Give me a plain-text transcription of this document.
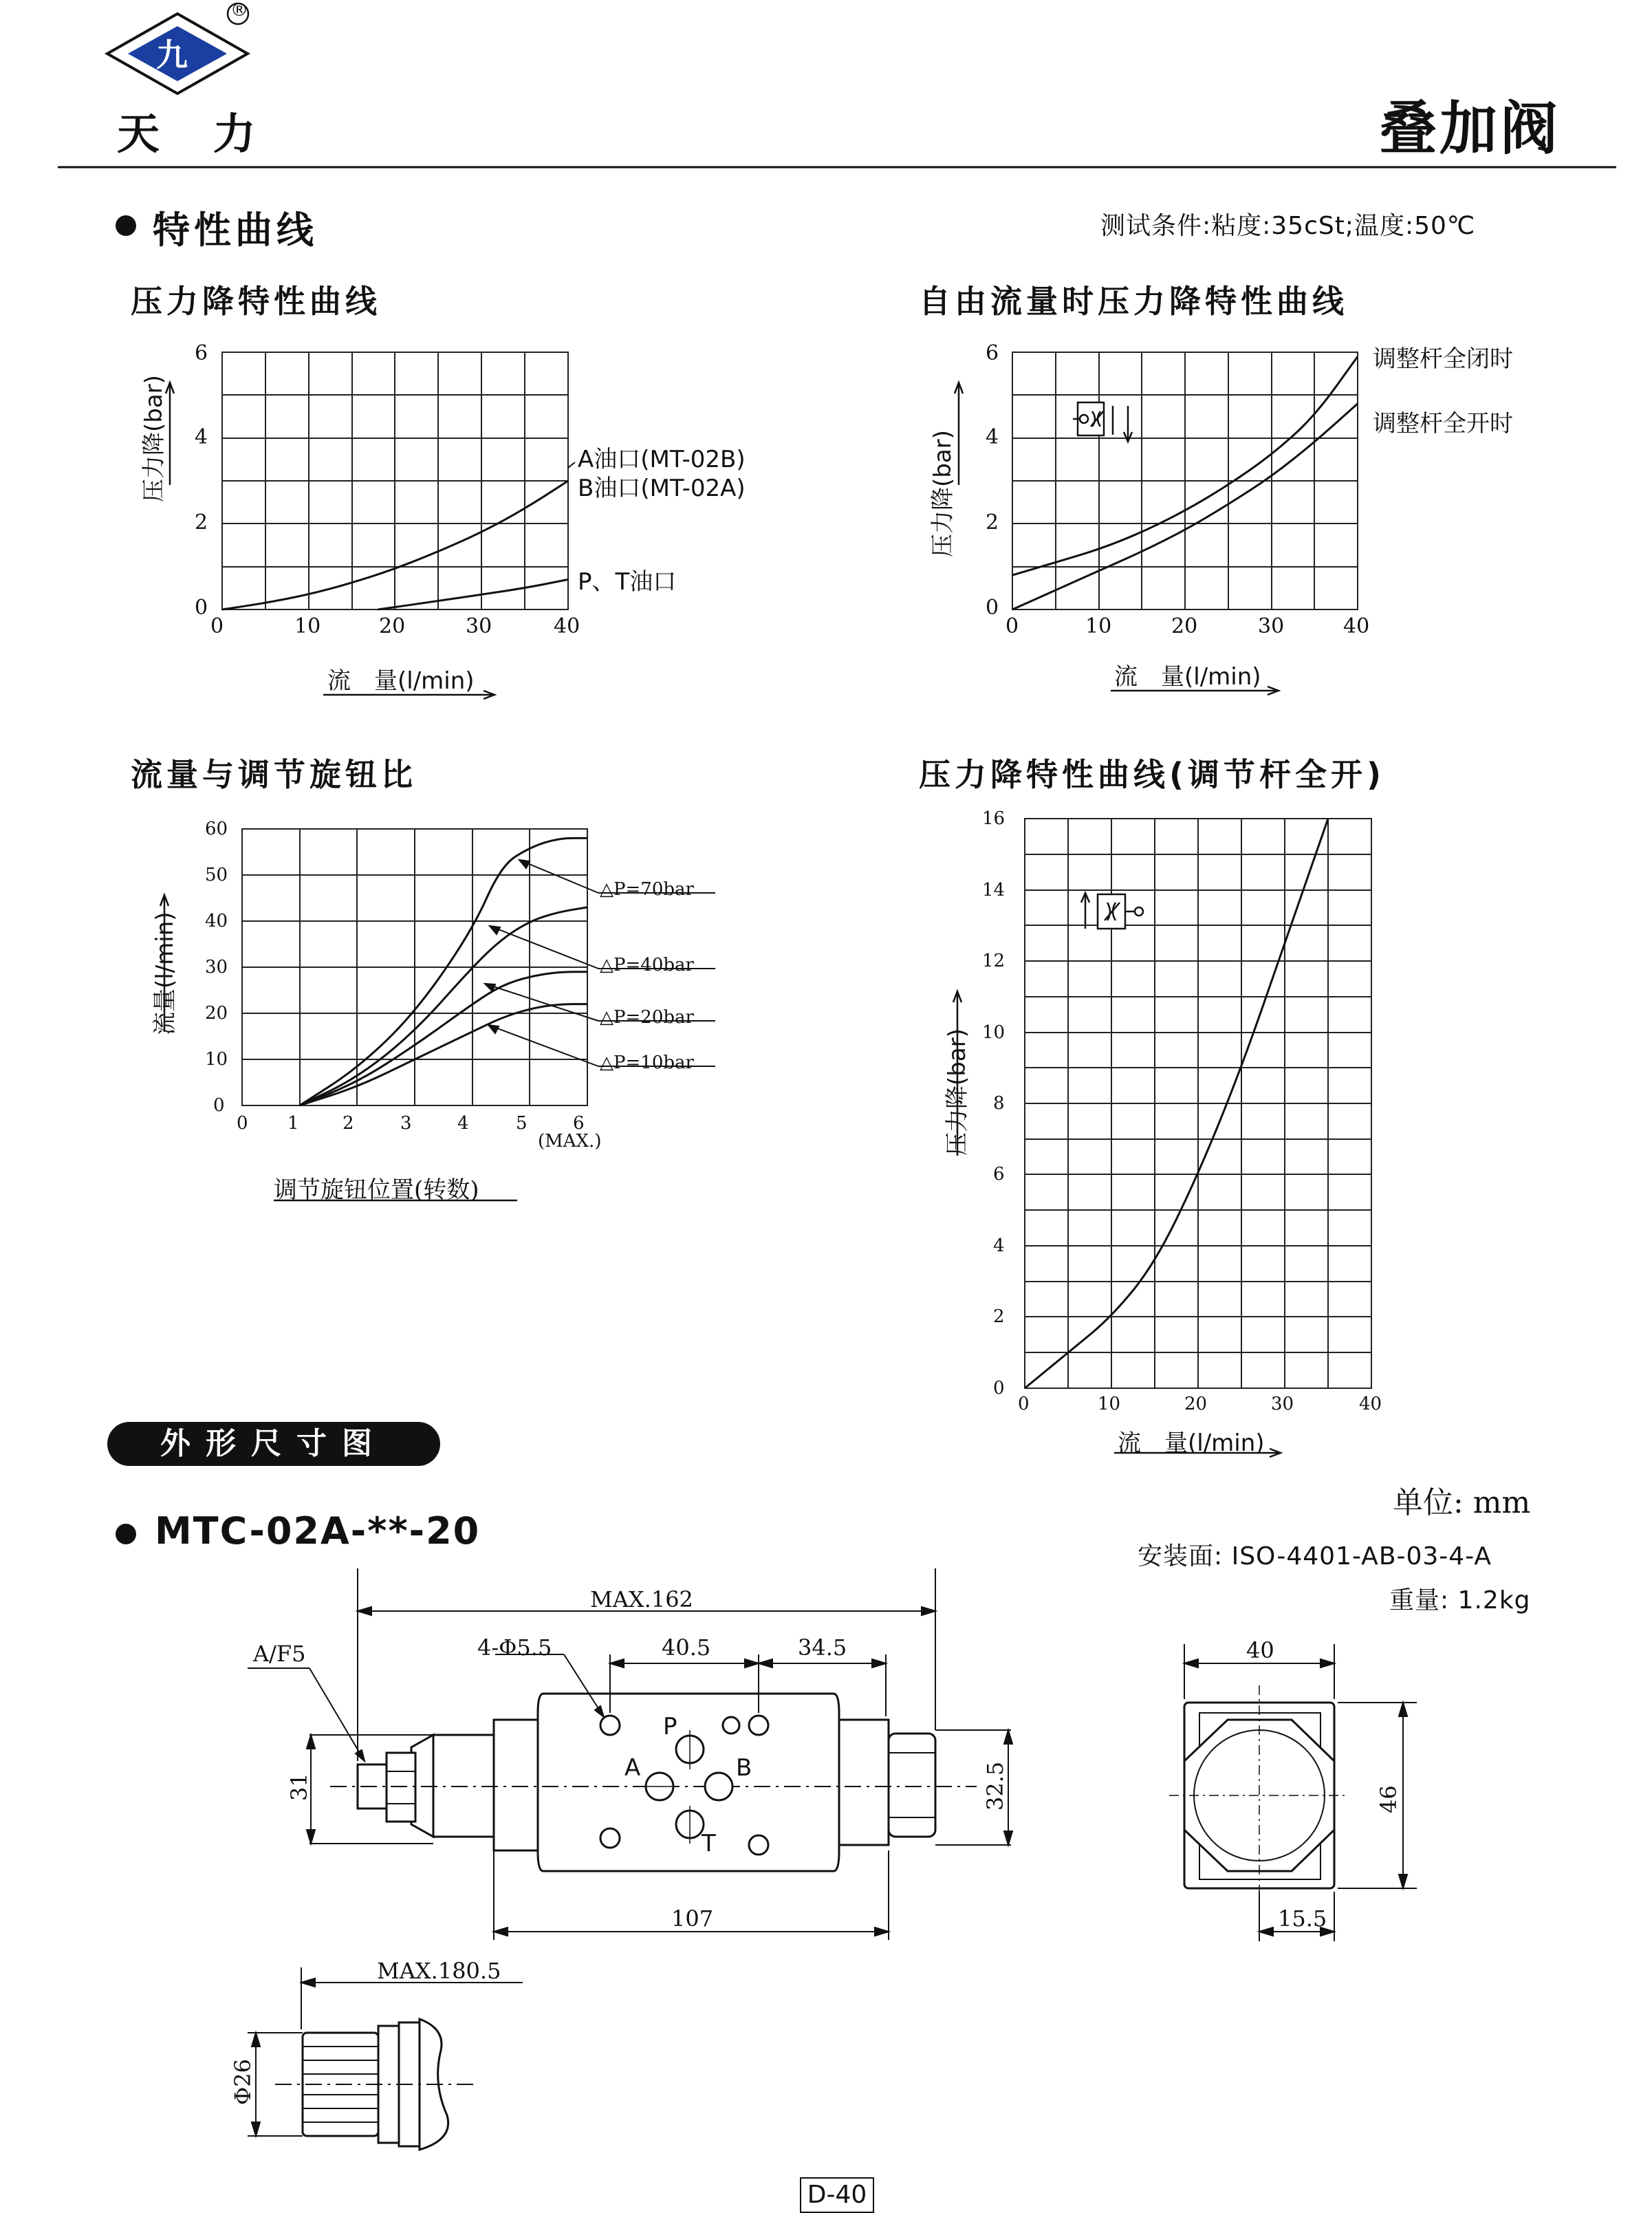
九
®
天 力	叠加阀
特性曲线	测试条件:粘度:35cSt;温度:50℃
压力降特性曲线
压力降(bar)
6
4
2
0
0	10	20	30	40
流　量(l/min)
A油口(MT-02B)
B油口(MT-02A)
P、T油口
自由流量时压力降特性曲线
压力降(bar)
6
4
2
0
0	10	20	30	40
流　量(l/min)
调整杆全闭时
调整杆全开时
流量与调节旋钮比
流量(l/min)
60
50
40
30
20
10
0
0 1 2	3	4	5	6
(MAX.)
调节旋钮位置(转数)
△P=70bar
△P=40bar
△P=20bar
△P=10bar
压力降特性曲线(调节杆全开)
压力降(bar)
16
14
12
10
8
6
4
2
0
0	10	20	30	40
流　量(l/min)
外形尺寸图
MTC-02A-**-20
单位: mm
安装面: ISO-4401-AB-03-4-A
重量: 1.2kg
MAX.162
A/F5	4-Φ5.5	40.5	34.5
31	32.5
107
40
46
15.5
MAX.180.5
Φ26
P
A	B
T
D-40
